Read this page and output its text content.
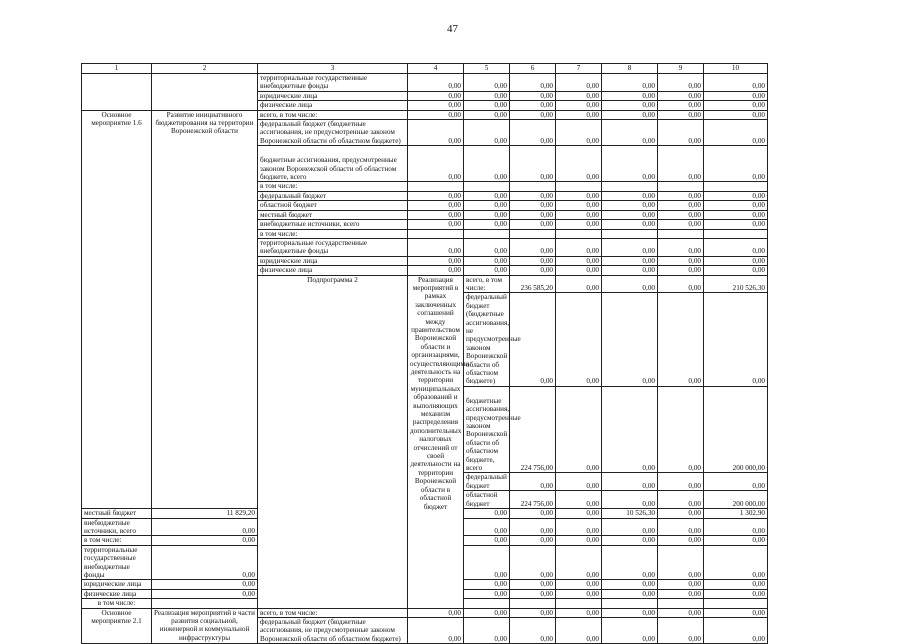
47
1	2	3	4	5	6	7	8	9	10	
		территориальные государственные внебюджетные фонды	0,00	0,00	0,00	0,00	0,00	0,00	0,00	
		юридические лица	0,00	0,00	0,00	0,00	0,00	0,00	0,00	
		физические лица	0,00	0,00	0,00	0,00	0,00	0,00	0,00	
Основное мероприятие 1.6	Развитие инициативного бюджетирования на территории Воронежской области	всего, в том числе:	0,00	0,00	0,00	0,00	0,00	0,00	0,00	
		федеральный бюджет (бюджетные ассигнования, не предусмотренные законом Воронежской области об областном бюджете)	0,00	0,00	0,00	0,00	0,00	0,00	0,00	
		бюджетные ассигнования, предусмотренные законом Воронежской области об областном бюджете, всего	0,00	0,00	0,00	0,00	0,00	0,00	0,00	
		в том числе:								
		федеральный бюджет	0,00	0,00	0,00	0,00	0,00	0,00	0,00	
		областной бюджет	0,00	0,00	0,00	0,00	0,00	0,00	0,00	
		местный бюджет	0,00	0,00	0,00	0,00	0,00	0,00	0,00	
		внебюджетные источники, всего	0,00	0,00	0,00	0,00	0,00	0,00	0,00	
		в том числе:								
		территориальные государственные внебюджетные фонды	0,00	0,00	0,00	0,00	0,00	0,00	0,00	
		юридические лица	0,00	0,00	0,00	0,00	0,00	0,00	0,00	
		физические лица	0,00	0,00	0,00	0,00	0,00	0,00	0,00	
		Подпрограмма 2	Реализация мероприятий в рамках заключенных соглашений между правительством Воронежской области и организациями, осуществляющими деятельность на территории муниципальных образований и выполняющих механизм распределения дополнительных налоговых отчислений от своей деятельности на территории Воронежской области в областной бюджет	всего, в том числе:	236 585,20	0,00	0,00	0,00	210 526,30		
				федеральный бюджет (бюджетные ассигнования, не предусмотренные законом Воронежской области об областном бюджете)	0,00	0,00	0,00	0,00	0,00		
				бюджетные ассигнования, предусмотренные законом Воронежской области об областном бюджете, всего	224 756,00	0,00	0,00	0,00	200 000,00		
				федеральный бюджет	0,00	0,00	0,00	0,00	0,00		
				областной бюджет	224 756,00	0,00	0,00	0,00	200 000,00		
местный бюджет	11 829,20			0,00	0,00	0,00	10 526,30	0,00	1 302,90	
внебюджетные источники, всего	0,00			0,00	0,00	0,00	0,00	0,00	0,00	
в том числе:	0,00			0,00	0,00	0,00	0,00	0,00	0,00	
территориальные государственные внебюджетные фонды	0,00			0,00	0,00	0,00	0,00	0,00	0,00	
юридические лица	0,00			0,00	0,00	0,00	0,00	0,00	0,00	
физические лица	0,00			0,00	0,00	0,00	0,00	0,00	0,00	
в том числе:										
Основное мероприятие 2.1	Реализация мероприятий в части развития социальной, инженерной и коммунальной инфраструктуры	всего, в том числе:	0,00	0,00	0,00	0,00	0,00	0,00	0,00	
		федеральный бюджет (бюджетные ассигнования, не предусмотренные законом Воронежской области об областном бюджете)	0,00	0,00	0,00	0,00	0,00	0,00	0,00	
